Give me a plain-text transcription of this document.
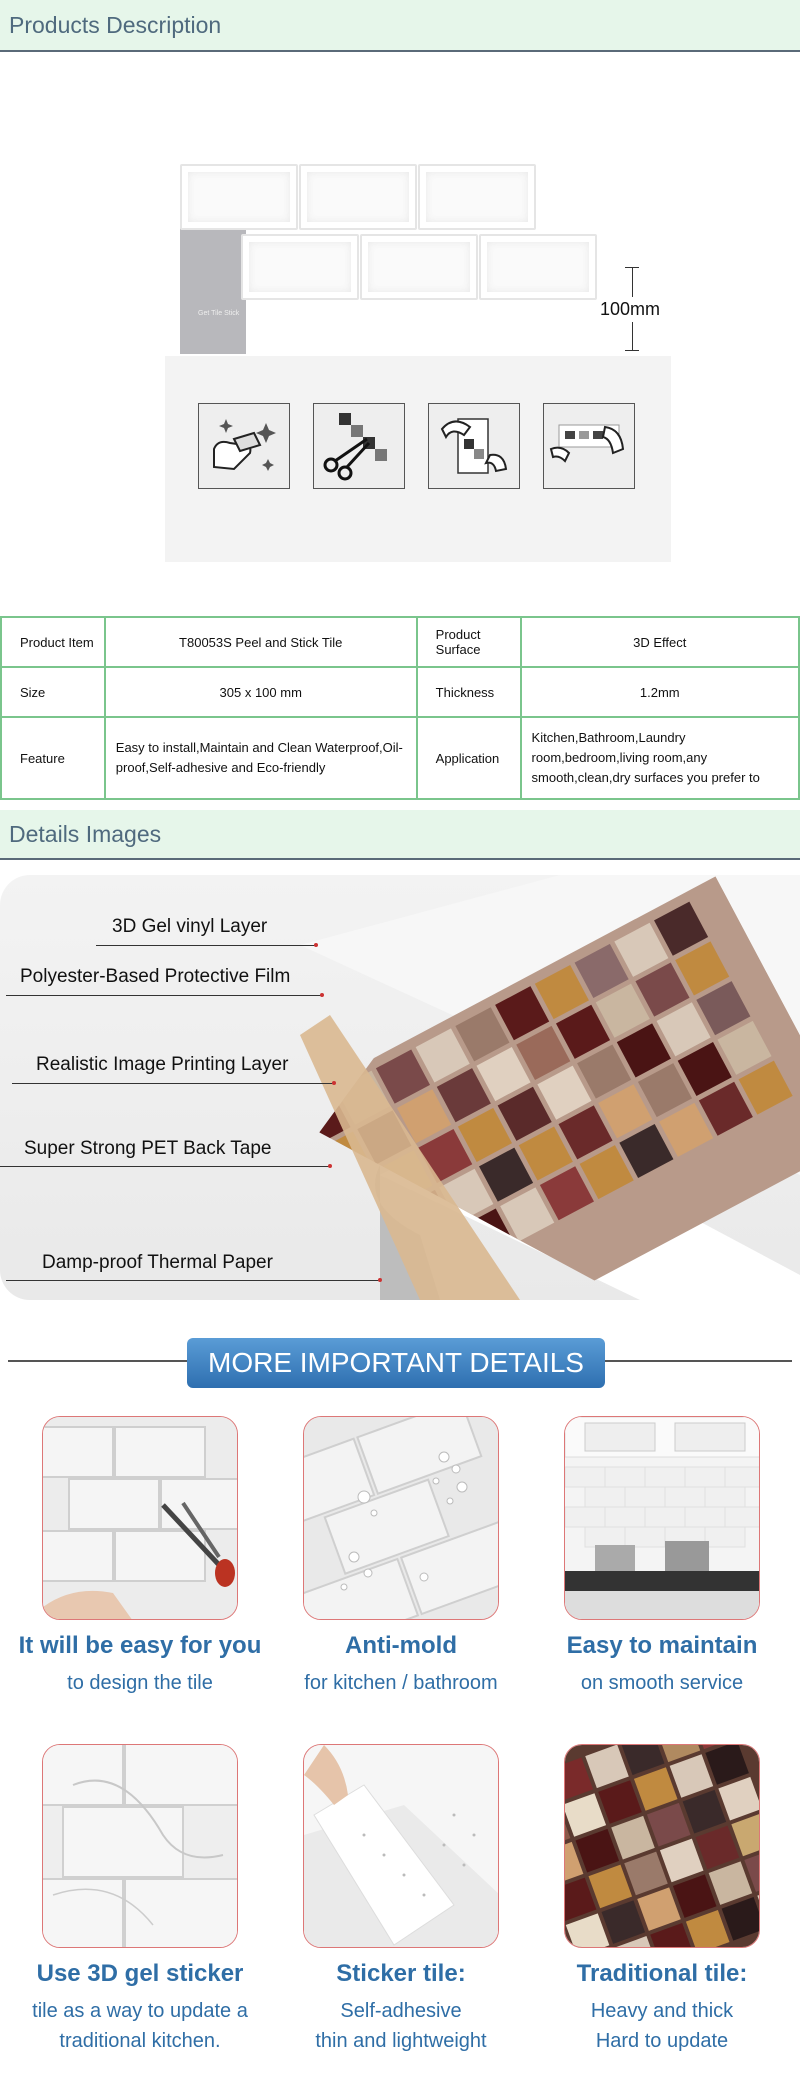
Products Description
Get Tile Stick	100mm
Product Item	T80053S Peel and Stick Tile	Product Surface	3D Effect
Size	305 x 100 mm	Thickness	1.2mm
Feature	Easy to install,Maintain and Clean Waterproof,Oil-proof,Self-adhesive and Eco-friendly	Application	Kitchen,Bathroom,Laundry room,bedroom,living room,any smooth,clean,dry surfaces you prefer to
Details Images
3D Gel vinyl Layer
Polyester-Based Protective Film
Realistic Image Printing Layer
Super Strong PET Back Tape
Damp-proof Thermal Paper
MORE IMPORTANT DETAILS
It will be easy for you
to design the tile
Anti-mold
for kitchen / bathroom
Easy to maintain
on smooth service
Use 3D gel sticker
tile as a way to update a
traditional kitchen.
Sticker tile:
Self-adhesive
thin and lightweight
Traditional tile:
Heavy and thick
Hard to update
